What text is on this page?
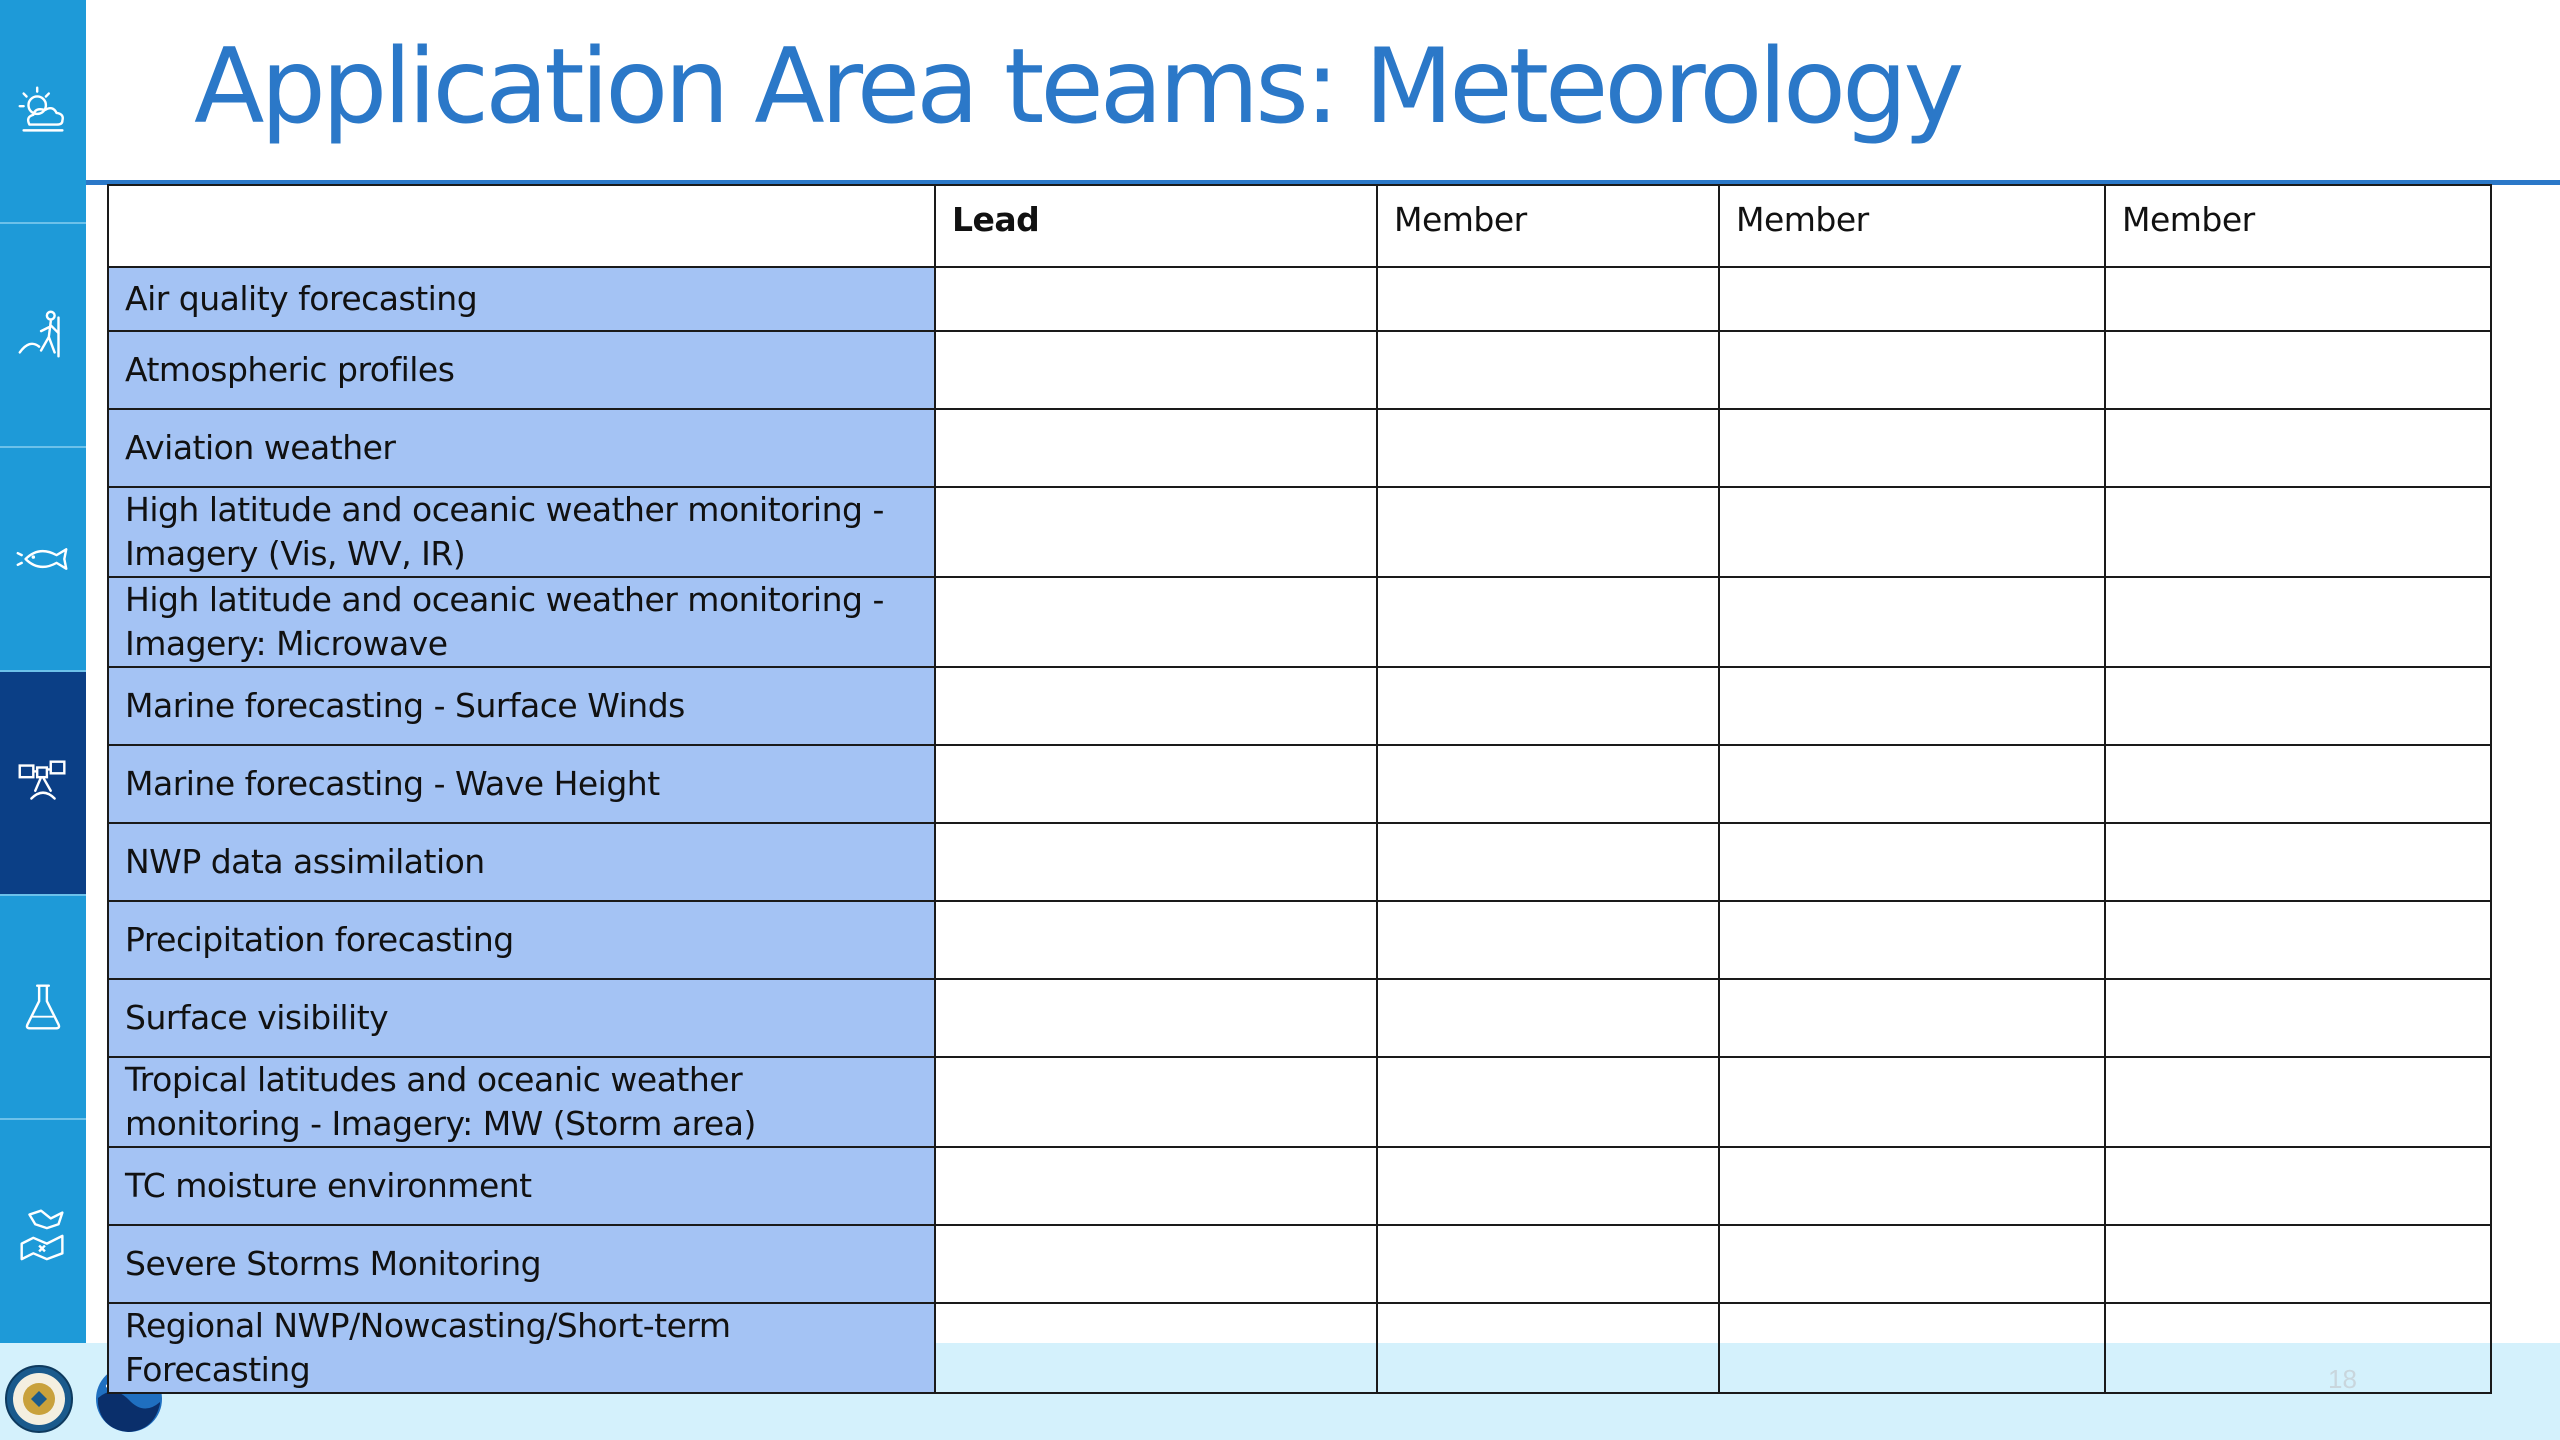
18
Application Area teams: Meteorology
	Lead	Member	Member	Member
Air quality forecasting				
Atmospheric profiles				
Aviation weather				
High latitude and oceanic weather monitoring - Imagery (Vis, WV, IR)				
High latitude and oceanic weather monitoring - Imagery: Microwave				
Marine forecasting - Surface Winds				
Marine forecasting - Wave Height				
NWP data assimilation				
Precipitation forecasting				
Surface visibility				
Tropical latitudes and oceanic weather monitoring - Imagery: MW (Storm area)				
TC moisture environment				
Severe Storms Monitoring				
Regional NWP/Nowcasting/Short-term Forecasting				
